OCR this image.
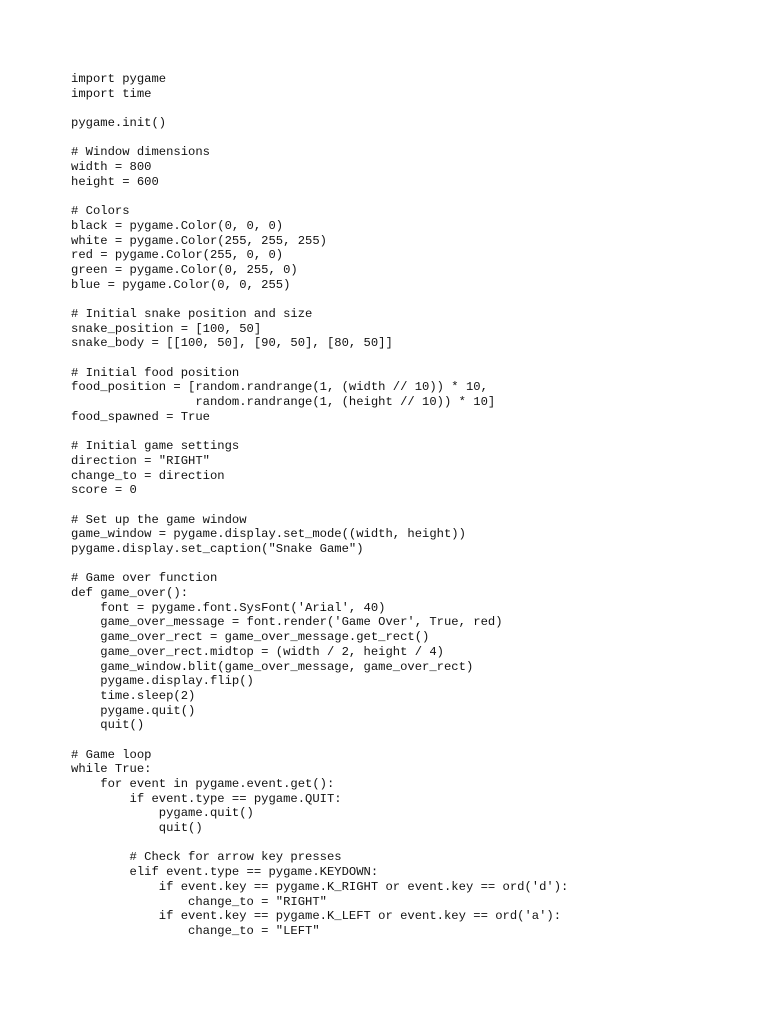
import pygame
import time
pygame.init()
# Window dimensions
width = 800
height = 600
# Colors
black = pygame.Color(0, 0, 0)
white = pygame.Color(255, 255, 255)
red = pygame.Color(255, 0, 0)
green = pygame.Color(0, 255, 0)
blue = pygame.Color(0, 0, 255)
# Initial snake position and size
snake_position = [100, 50]
snake_body = [[100, 50], [90, 50], [80, 50]]
# Initial food position
food_position = [random.randrange(1, (width // 10)) * 10,
random.randrange(1, (height // 10)) * 10]
food_spawned = True
# Initial game settings
direction = "RIGHT"
change_to = direction
score = 0
# Set up the game window
game_window = pygame.display.set_mode((width, height))
pygame.display.set_caption("Snake Game")
# Game over function
def game_over():
font = pygame.font.SysFont('Arial', 40)
game_over_message = font.render('Game Over', True, red)
game_over_rect = game_over_message.get_rect()
game_over_rect.midtop = (width / 2, height / 4)
game_window.blit(game_over_message, game_over_rect)
pygame.display.flip()
time.sleep(2)
pygame.quit()
quit()
# Game loop
while True:
for event in pygame.event.get():
if event.type == pygame.QUIT:
pygame.quit()
quit()
# Check for arrow key presses
elif event.type == pygame.KEYDOWN:
if event.key == pygame.K_RIGHT or event.key == ord('d'):
change_to = "RIGHT"
if event.key == pygame.K_LEFT or event.key == ord('a'):
change_to = "LEFT"
